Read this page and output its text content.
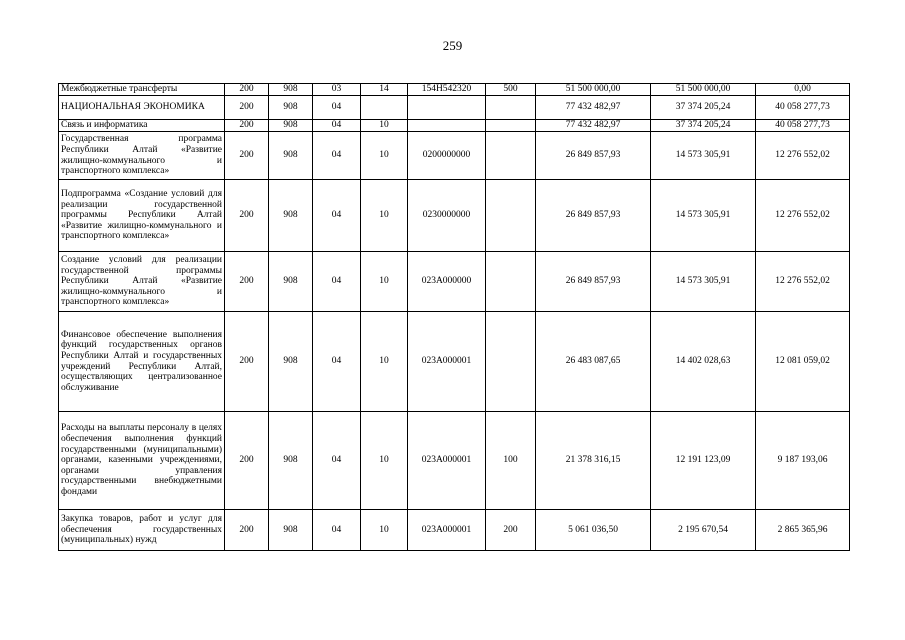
259
Межбюджетные трансферты	200	908	03	14	154H542320	500	51 500 000,00	51 500 000,00	0,00
НАЦИОНАЛЬНАЯ ЭКОНОМИКА	200	908	04				77 432 482,97	37 374 205,24	40 058 277,73
Связь и информатика	200	908	04	10			77 432 482,97	37 374 205,24	40 058 277,73
Государственная программа Республики Алтай «Развитие жилищно-коммунального и транспортного комплекса»	200	908	04	10	0200000000		26 849 857,93	14 573 305,91	12 276 552,02
Подпрограмма «Создание условий для реализации государственной программы Республики Алтай «Развитие жилищно-коммунального и транспортного комплекса»	200	908	04	10	0230000000		26 849 857,93	14 573 305,91	12 276 552,02
Создание условий для реализации государственной программы Республики Алтай «Развитие жилищно-коммунального и транспортного комплекса»	200	908	04	10	023А000000		26 849 857,93	14 573 305,91	12 276 552,02
Финансовое обеспечение выполнения функций государственных органов Республики Алтай и государственных учреждений Республики Алтай, осуществляющих централизованное обслуживание	200	908	04	10	023А000001		26 483 087,65	14 402 028,63	12 081 059,02
Расходы на выплаты персоналу в целях обеспечения выполнения функций государственными (муниципальными) органами, казенными учреждениями, органами управления государственными внебюджетными фондами	200	908	04	10	023А000001	100	21 378 316,15	12 191 123,09	9 187 193,06
Закупка товаров, работ и услуг для обеспечения государственных (муниципальных) нужд	200	908	04	10	023А000001	200	5 061 036,50	2 195 670,54	2 865 365,96
